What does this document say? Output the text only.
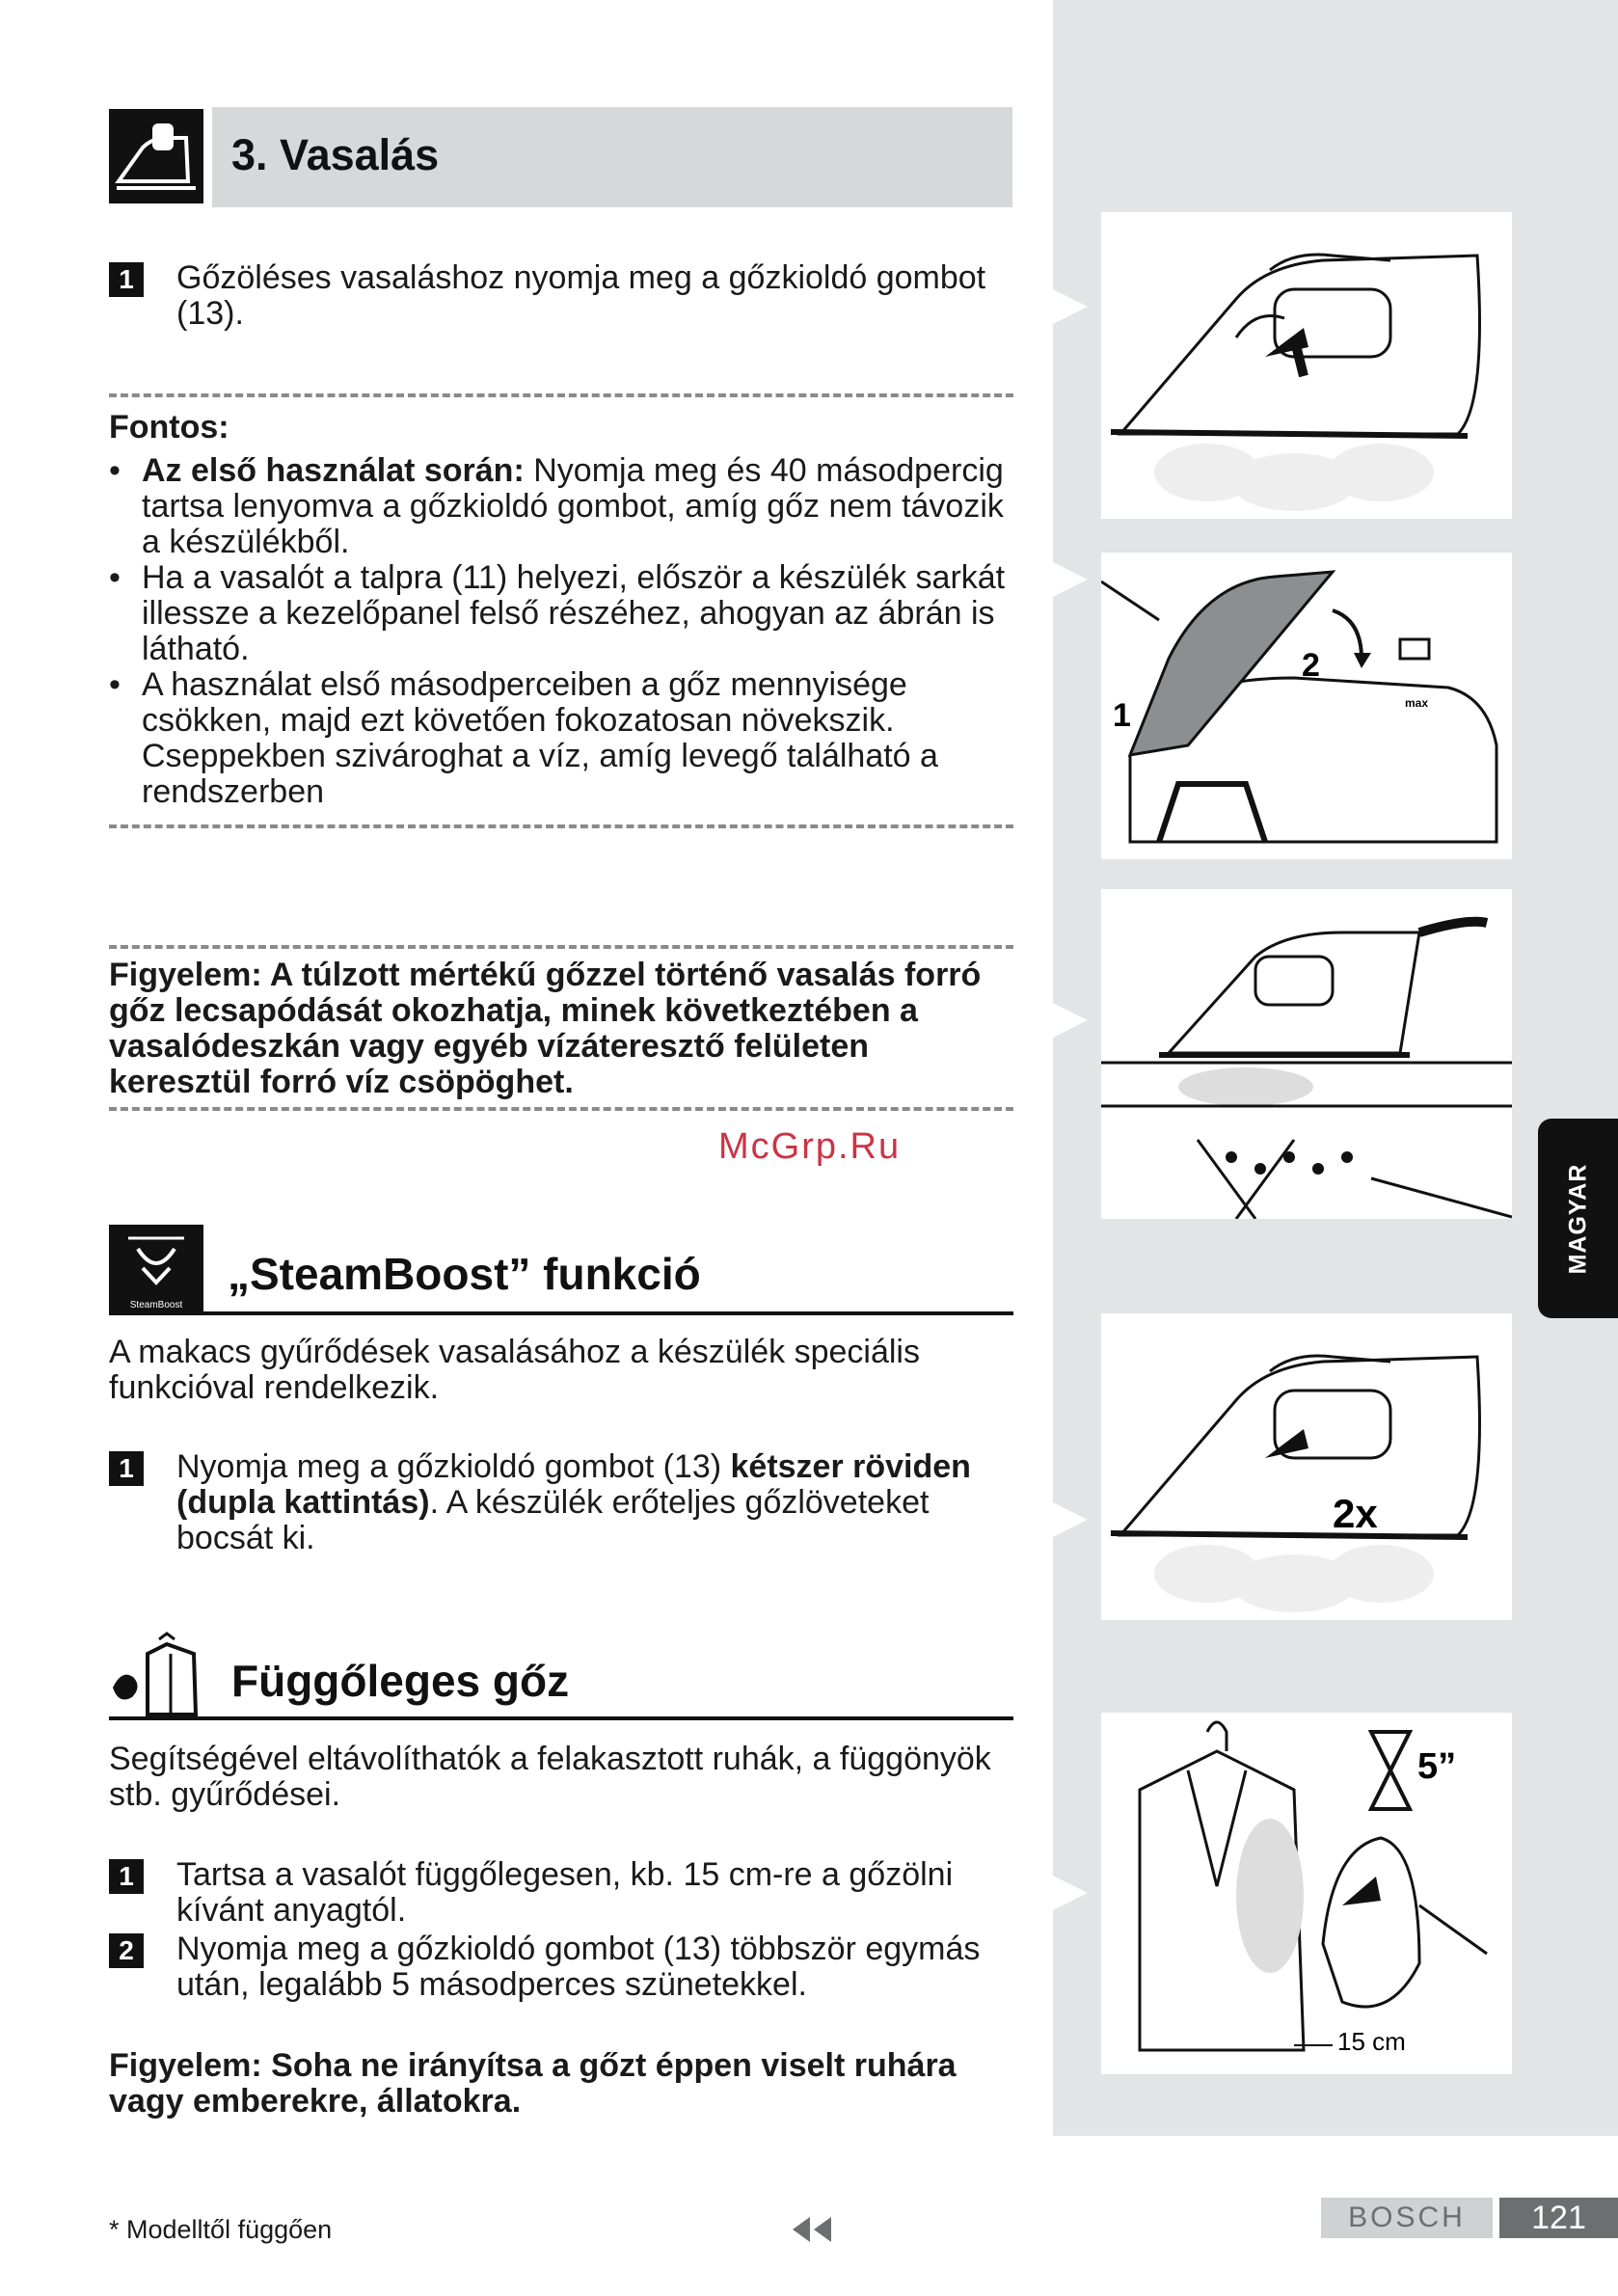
1
2
max
2x
5”
15 cm
3. Vasalás
1	Gőzöléses vasaláshoz nyomja meg a gőzkioldó gombot (13).
Fontos:
• Az első használat során: Nyomja meg és 40 másodpercig tartsa lenyomva a gőzkioldó gombot, amíg gőz nem távozik a készülékből.
• Ha a vasalót a talpra (11) helyezi, először a készülék sarkát illessze a kezelőpanel felső részéhez, ahogyan az ábrán is látható.
• A használat első másodperceiben a gőz mennyisége csökken, majd ezt követően fokozatosan növekszik. Cseppekben szivároghat a víz, amíg levegő található a rendszerben
Figyelem: A túlzott mértékű gőzzel történő vasalás forró gőz lecsapódását okozhatja, minek következtében a vasalódeszkán vagy egyéb vízáteresztő felületen keresztül forró víz csöpöghet.
McGrp.Ru
SteamBoost
„SteamBoost” funkció
A makacs gyűrődések vasalásához a készülék speciális funkcióval rendelkezik.
1	Nyomja meg a gőzkioldó gombot (13) kétszer röviden (dupla kattintás). A készülék erőteljes gőzlöveteket bocsát ki.
Függőleges gőz
Segítségével eltávolíthatók a felakasztott ruhák, a függönyök stb. gyűrődései.
1	Tartsa a vasalót függőlegesen, kb. 15 cm-re a gőzölni kívánt anyagtól.
2	Nyomja meg a gőzkioldó gombot (13) többször egymás után, legalább 5 másodperces szünetekkel.
Figyelem: Soha ne irányítsa a gőzt éppen viselt ruhára vagy emberekre, állatokra.
MAGYAR
* Modelltől függően	BOSCH	121
